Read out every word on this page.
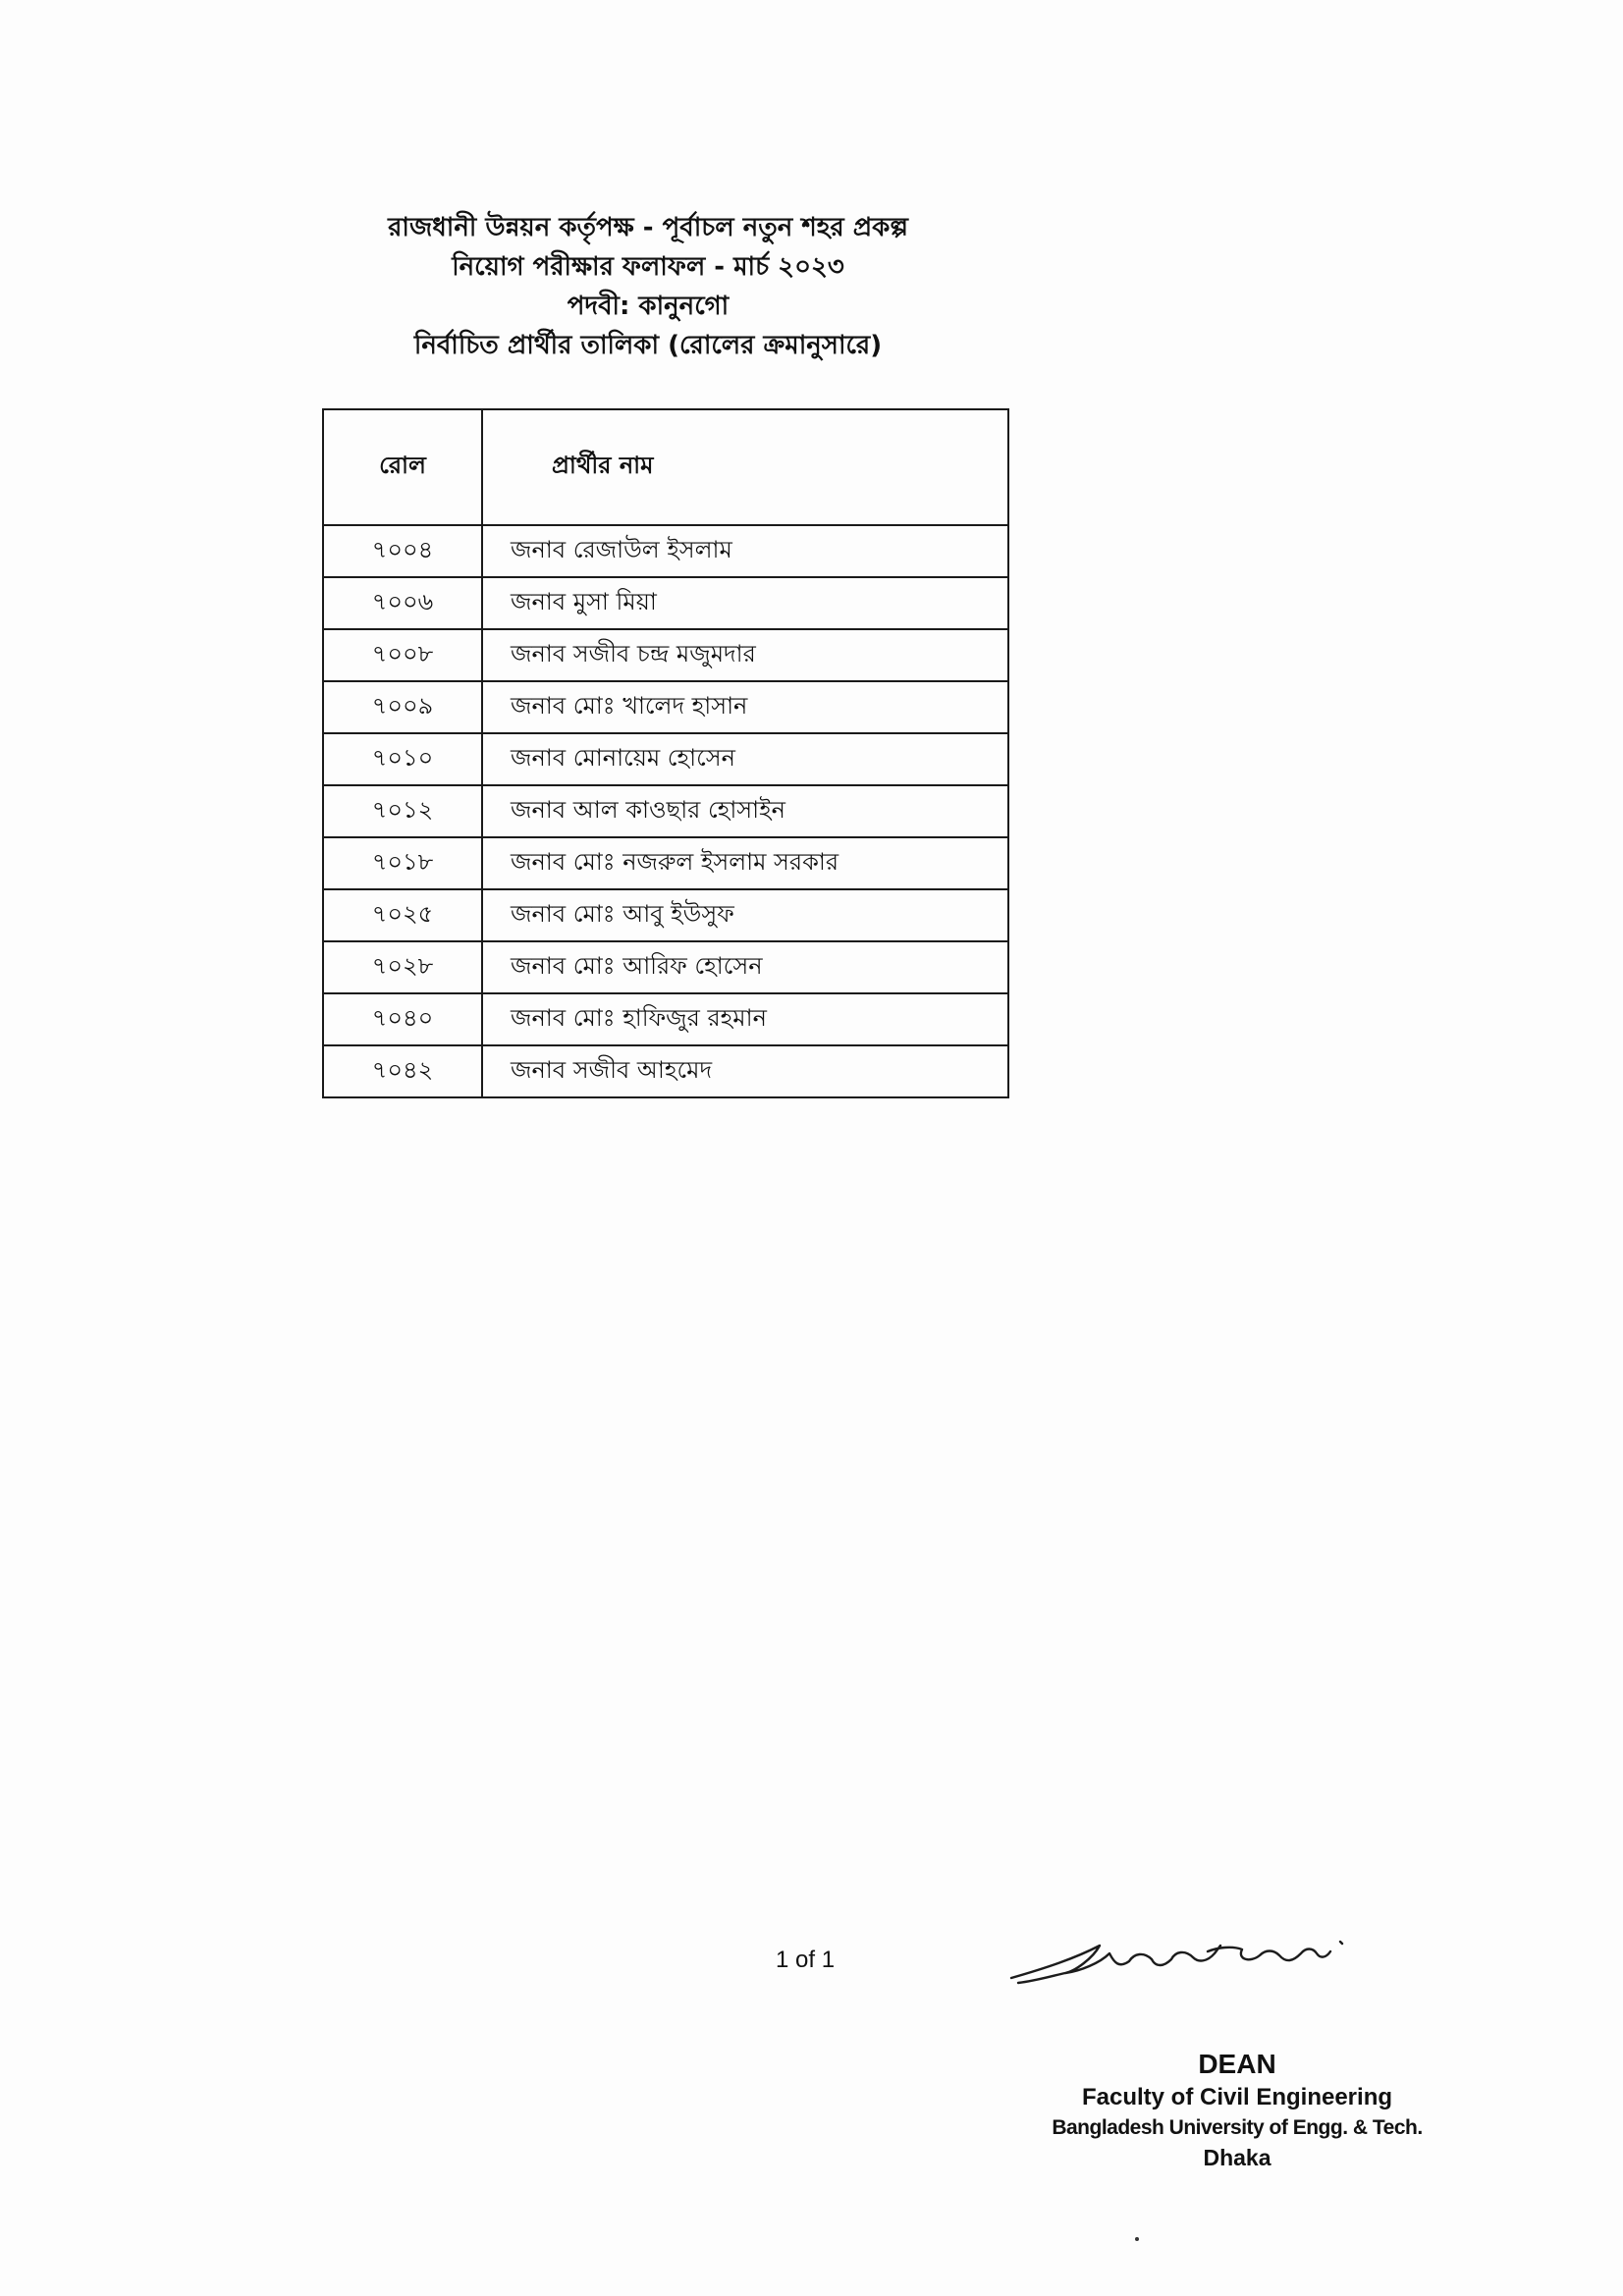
রাজধানী উন্নয়ন কর্তৃপক্ষ - পূর্বাচল নতুন শহর প্রকল্প
নিয়োগ পরীক্ষার ফলাফল - মার্চ ২০২৩
পদবী: কানুনগো
নির্বাচিত প্রার্থীর তালিকা (রোলের ক্রমানুসারে)
রোল	প্রার্থীর নাম
৭০০৪	জনাব রেজাউল ইসলাম
৭০০৬	জনাব মুসা মিয়া
৭০০৮	জনাব সজীব চন্দ্র মজুমদার
৭০০৯	জনাব মোঃ খালেদ হাসান
৭০১০	জনাব মোনায়েম হোসেন
৭০১২	জনাব আল কাওছার হোসাইন
৭০১৮	জনাব মোঃ নজরুল ইসলাম সরকার
৭০২৫	জনাব মোঃ আবু ইউসুফ
৭০২৮	জনাব মোঃ আরিফ হোসেন
৭০৪০	জনাব মোঃ হাফিজুর রহমান
৭০৪২	জনাব সজীব আহমেদ
1 of 1
DEAN
Faculty of Civil Engineering
Bangladesh University of Engg. & Tech.
Dhaka
